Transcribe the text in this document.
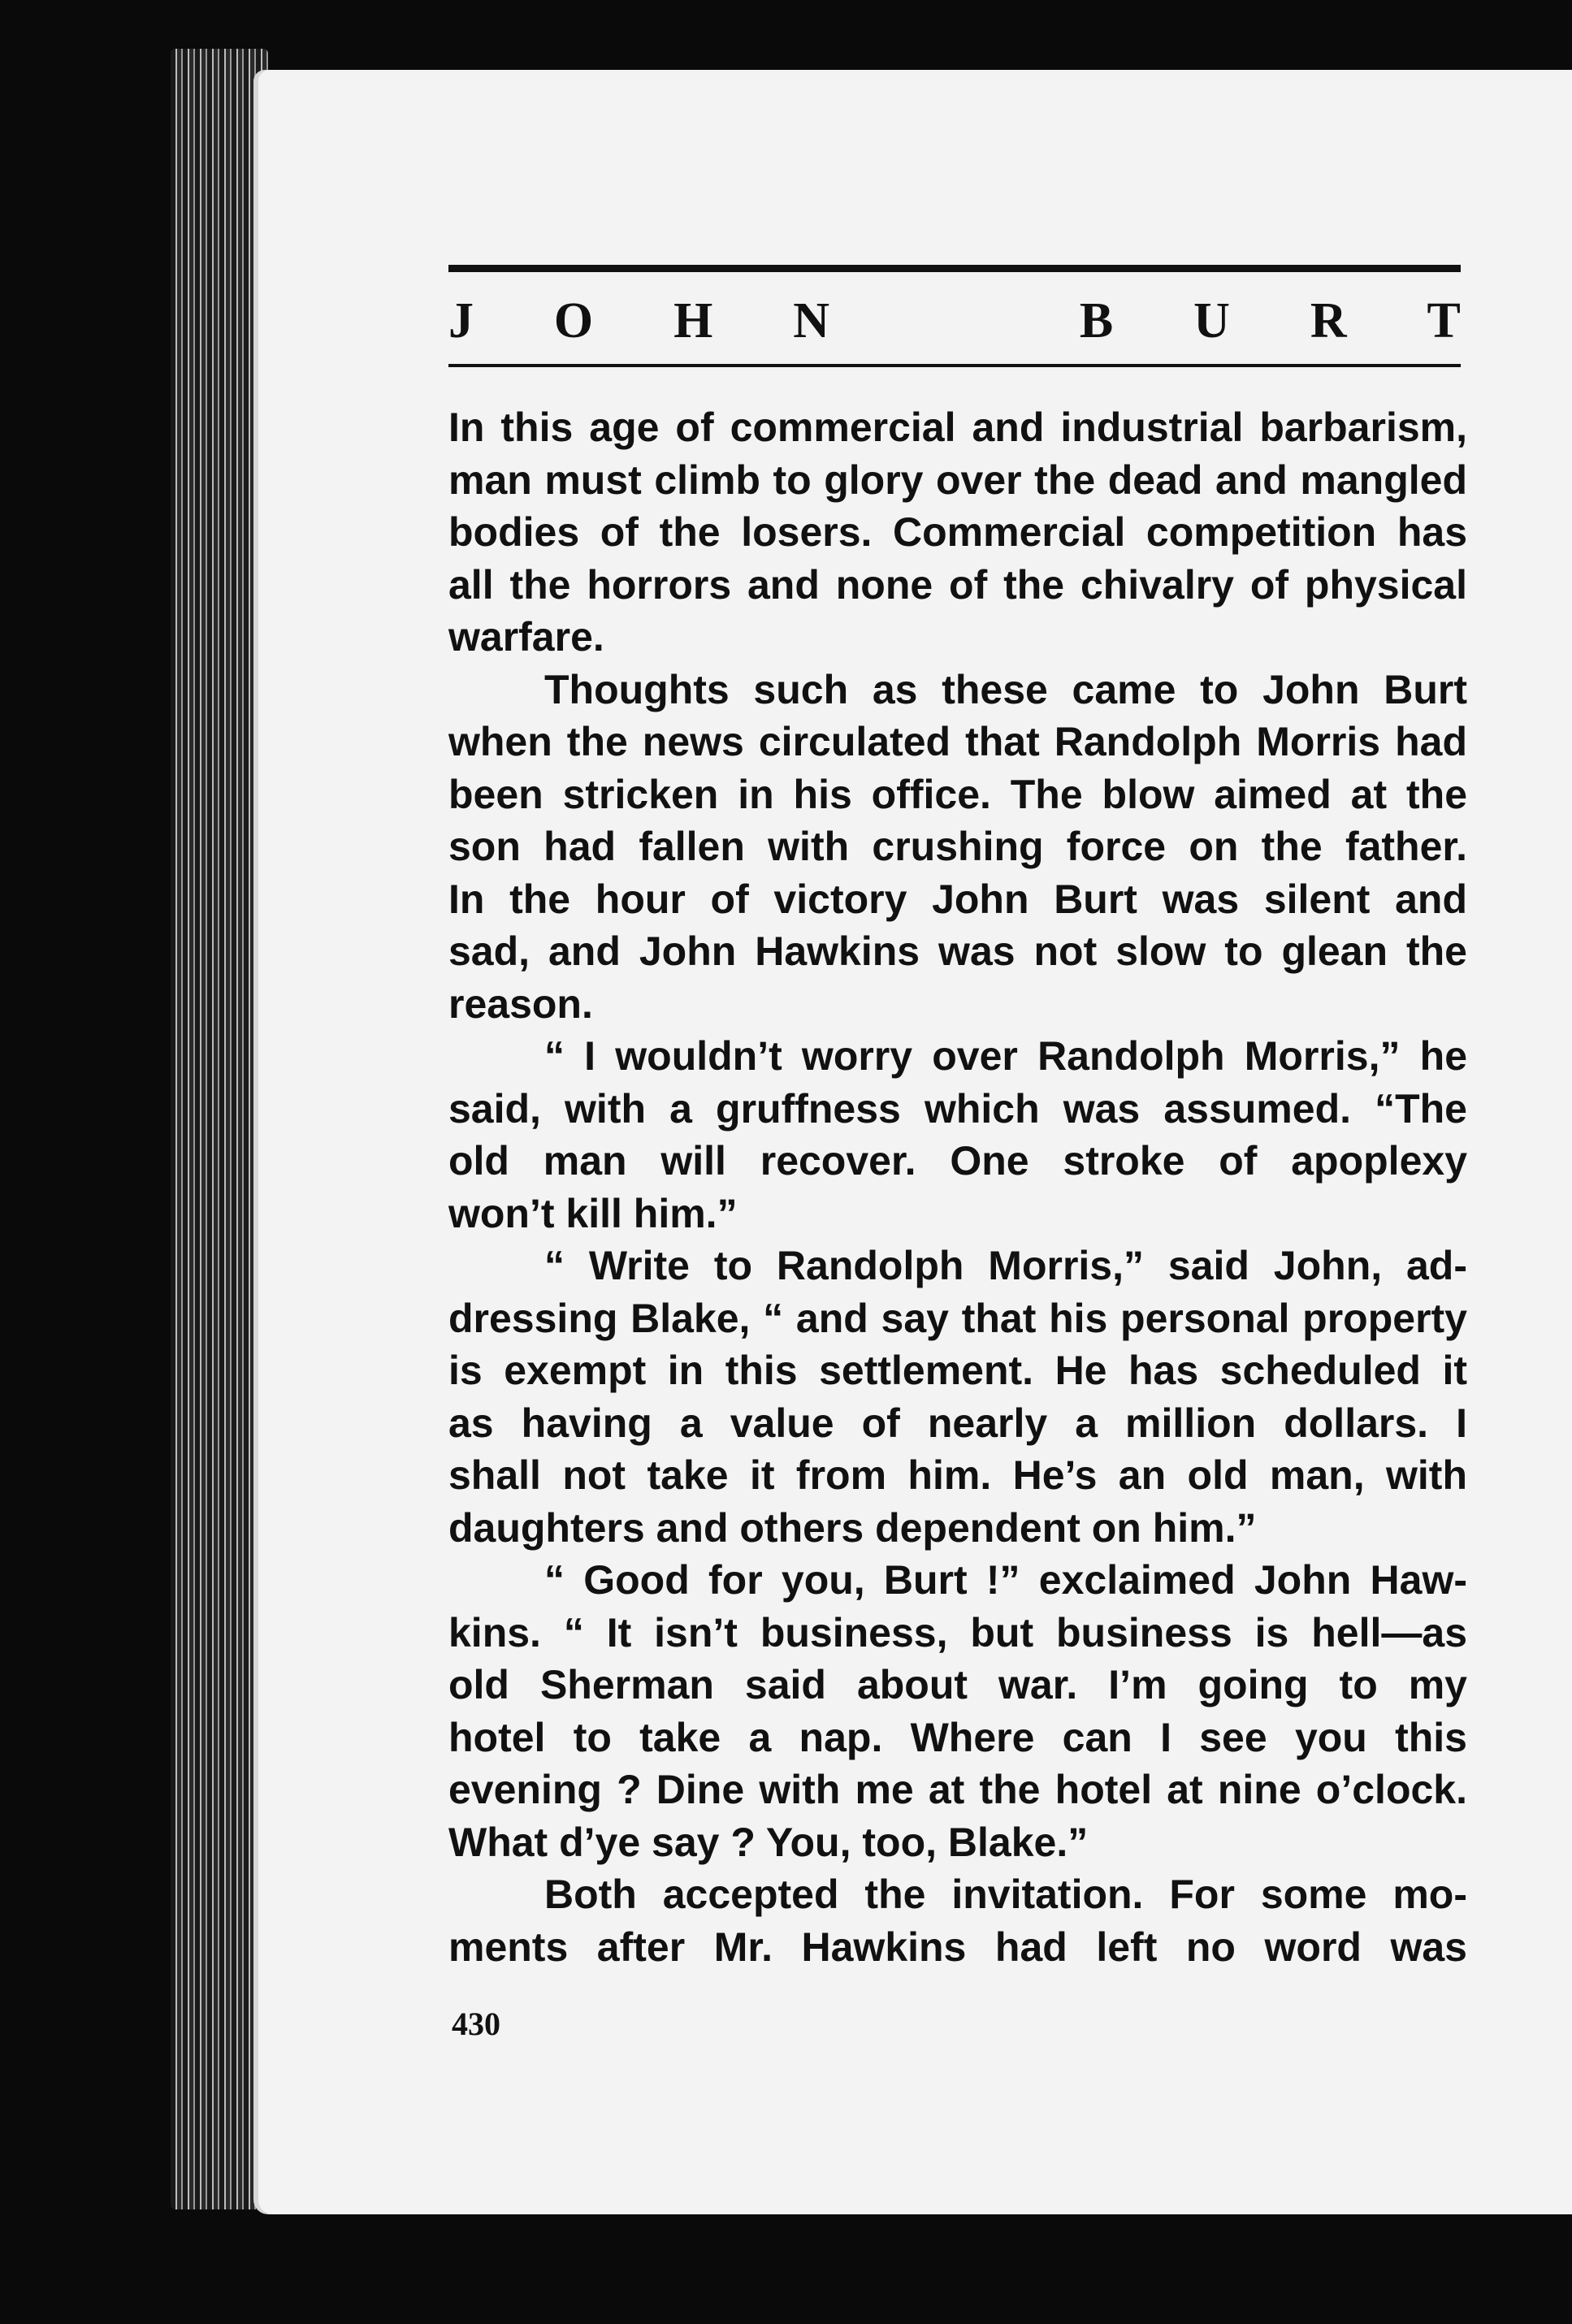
J O H N	B U R T

In this age of commercial and industrial barbarism,

man must climb to glory over the dead and mangled

bodies of the losers. Commercial competition has

all the horrors and none of the chivalry of physical

warfare.

Thoughts such as these came to John Burt

when the news circulated that Randolph Morris had

been stricken in his office. The blow aimed at the

son had fallen with crushing force on the father.

In the hour of victory John Burt was silent and

sad, and John Hawkins was not slow to glean the

reason.

“ I wouldn’t worry over Randolph Morris,” he

said, with a gruffness which was assumed. “The

old man will recover. One stroke of apoplexy

won’t kill him.”

“ Write to Randolph Morris,” said John, ad-

dressing Blake, “ and say that his personal property

is exempt in this settlement. He has scheduled it

as having a value of nearly a million dollars. I

shall not take it from him. He’s an old man, with

daughters and others dependent on him.”

“ Good for you, Burt !” exclaimed John Haw-

kins. “ It isn’t business, but business is hell—as

old Sherman said about war. I’m going to my

hotel to take a nap. Where can I see you this

evening ? Dine with me at the hotel at nine o’clock.

What d’ye say ? You, too, Blake.”

Both accepted the invitation. For some mo-

ments after Mr. Hawkins had left no word was

430
